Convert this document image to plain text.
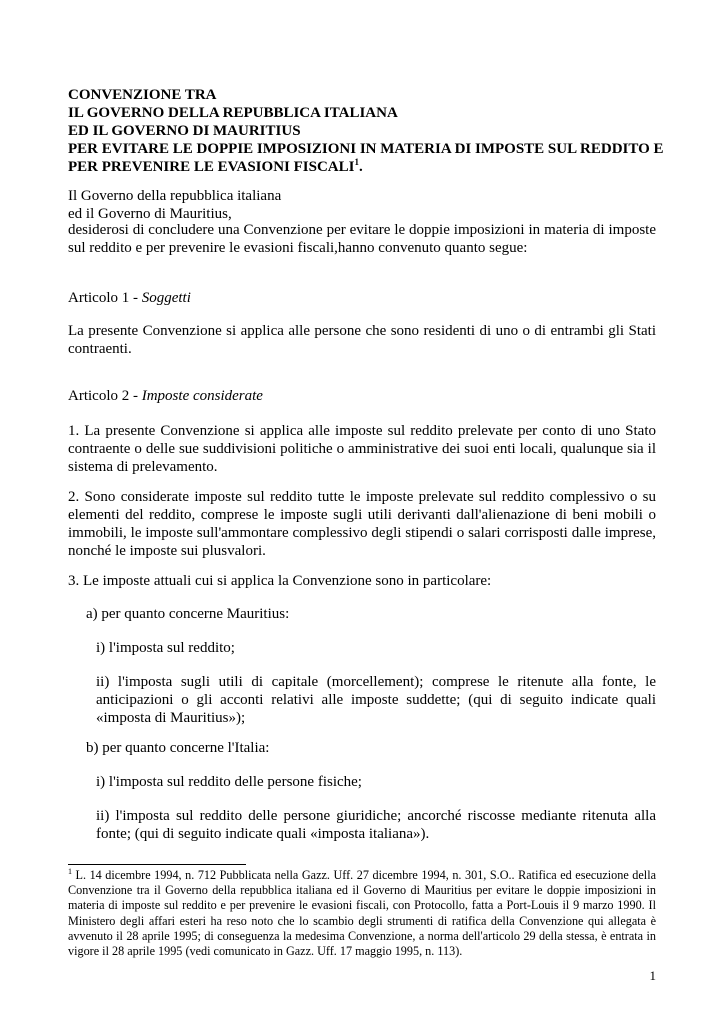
CONVENZIONE TRA
IL GOVERNO DELLA REPUBBLICA ITALIANA
ED IL GOVERNO DI MAURITIUS
PER EVITARE LE DOPPIE IMPOSIZIONI IN MATERIA DI IMPOSTE SUL REDDITO E
PER PREVENIRE LE EVASIONI FISCALI$^1$.
Il Governo della repubblica italiana
ed il Governo di Mauritius,
desiderosi di concludere una Convenzione per evitare le doppie imposizioni in materia di imposte sul reddito e per prevenire le evasioni fiscali,hanno convenuto quanto segue:
Articolo 1 - Soggetti
La presente Convenzione si applica alle persone che sono residenti di uno o di entrambi gli Stati contraenti.
Articolo 2 - Imposte considerate
1. La presente Convenzione si applica alle imposte sul reddito prelevate per conto di uno Stato contraente o delle sue suddivisioni politiche o amministrative dei suoi enti locali, qualunque sia il sistema di prelevamento.
2. Sono considerate imposte sul reddito tutte le imposte prelevate sul reddito complessivo o su elementi del reddito, comprese le imposte sugli utili derivanti dall'alienazione di beni mobili o immobili, le imposte sull'ammontare complessivo degli stipendi o salari corrisposti dalle imprese, nonché le imposte sui plusvalori.
3. Le imposte attuali cui si applica la Convenzione sono in particolare:
a) per quanto concerne Mauritius:
i) l'imposta sul reddito;
ii) l'imposta sugli utili di capitale (morcellement); comprese le ritenute alla fonte, le anticipazioni o gli acconti relativi alle imposte suddette; (qui di seguito indicate quali «imposta di Mauritius»);
b) per quanto concerne l'Italia:
i) l'imposta sul reddito delle persone fisiche;
ii) l'imposta sul reddito delle persone giuridiche; ancorché riscosse mediante ritenuta alla fonte; (qui di seguito indicate quali «imposta italiana»).
$^1$ L. 14 dicembre 1994, n. 712 Pubblicata nella Gazz. Uff. 27 dicembre 1994, n. 301, S.O.. Ratifica ed esecuzione della Convenzione tra il Governo della repubblica italiana ed il Governo di Mauritius per evitare le doppie imposizioni in materia di imposte sul reddito e per prevenire le evasioni fiscali, con Protocollo, fatta a Port-Louis il 9 marzo 1990. Il Ministero degli affari esteri ha reso noto che lo scambio degli strumenti di ratifica della Convenzione qui allegata è avvenuto il 28 aprile 1995; di conseguenza la medesima Convenzione, a norma dell'articolo 29 della stessa, è entrata in vigore il 28 aprile 1995 (vedi comunicato in Gazz. Uff. 17 maggio 1995, n. 113).
1
